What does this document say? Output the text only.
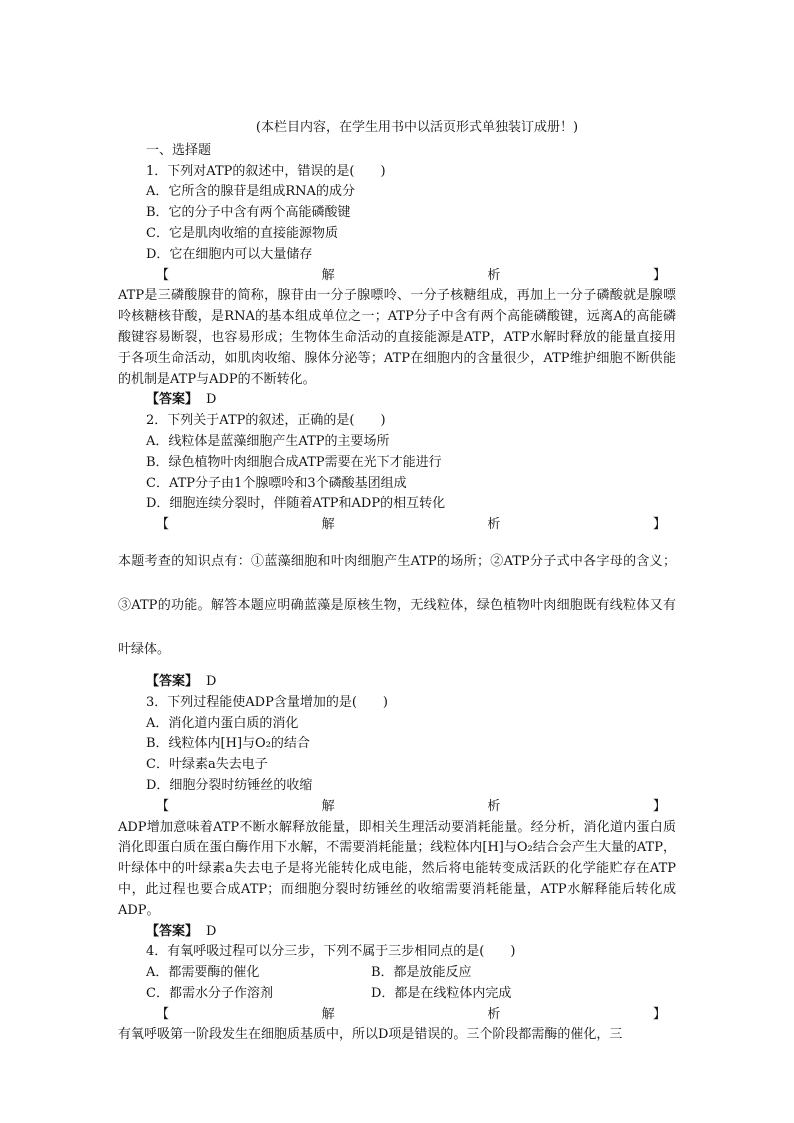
(本栏目内容，在学生用书中以活页形式单独装订成册！)
一、选择题
1．下列对ATP的叙述中，错误的是(　　)
A．它所含的腺苷是组成RNA的成分
B．它的分子中含有两个高能磷酸键
C．它是肌肉收缩的直接能源物质
D．它在细胞内可以大量储存
【	解	析	】
ATP是三磷酸腺苷的简称，腺苷由一分子腺嘌呤、一分子核糖组成，再加上一分子磷酸就是腺嘌呤核糖核苷酸，是RNA的基本组成单位之一；ATP分子中含有两个高能磷酸键，远离A的高能磷酸键容易断裂，也容易形成；生物体生命活动的直接能源是ATP，ATP水解时释放的能量直接用于各项生命活动，如肌肉收缩、腺体分泌等；ATP在细胞内的含量很少，ATP维护细胞不断供能的机制是ATP与ADP的不断转化。
【答案】 D
2．下列关于ATP的叙述，正确的是(　　)
A．线粒体是蓝藻细胞产生ATP的主要场所
B．绿色植物叶肉细胞合成ATP需要在光下才能进行
C．ATP分子由1个腺嘌呤和3个磷酸基团组成
D．细胞连续分裂时，伴随着ATP和ADP的相互转化
【	解	析	】
本题考查的知识点有：①蓝藻细胞和叶肉细胞产生ATP的场所；②ATP分子式中各字母的含义；③ATP的功能。解答本题应明确蓝藻是原核生物，无线粒体，绿色植物叶肉细胞既有线粒体又有叶绿体。
【答案】 D
3．下列过程能使ADP含量增加的是(　　)
A．消化道内蛋白质的消化
B．线粒体内[H]与O₂的结合
C．叶绿素a失去电子
D．细胞分裂时纺锤丝的收缩
【	解	析	】
ADP增加意味着ATP不断水解释放能量，即相关生理活动要消耗能量。经分析，消化道内蛋白质消化即蛋白质在蛋白酶作用下水解，不需要消耗能量；线粒体内[H]与O₂结合会产生大量的ATP，叶绿体中的叶绿素a失去电子是将光能转化成电能，然后将电能转变成活跃的化学能贮存在ATP中，此过程也要合成ATP；而细胞分裂时纺锤丝的收缩需要消耗能量，ATP水解释能后转化成ADP。
【答案】 D
4．有氧呼吸过程可以分三步，下列不属于三步相同点的是(　　)
A．都需要酶的催化	B．都是放能反应
C．都需水分子作溶剂	D．都是在线粒体内完成
【	解	析	】
有氧呼吸第一阶段发生在细胞质基质中，所以D项是错误的。三个阶段都需酶的催化，三
